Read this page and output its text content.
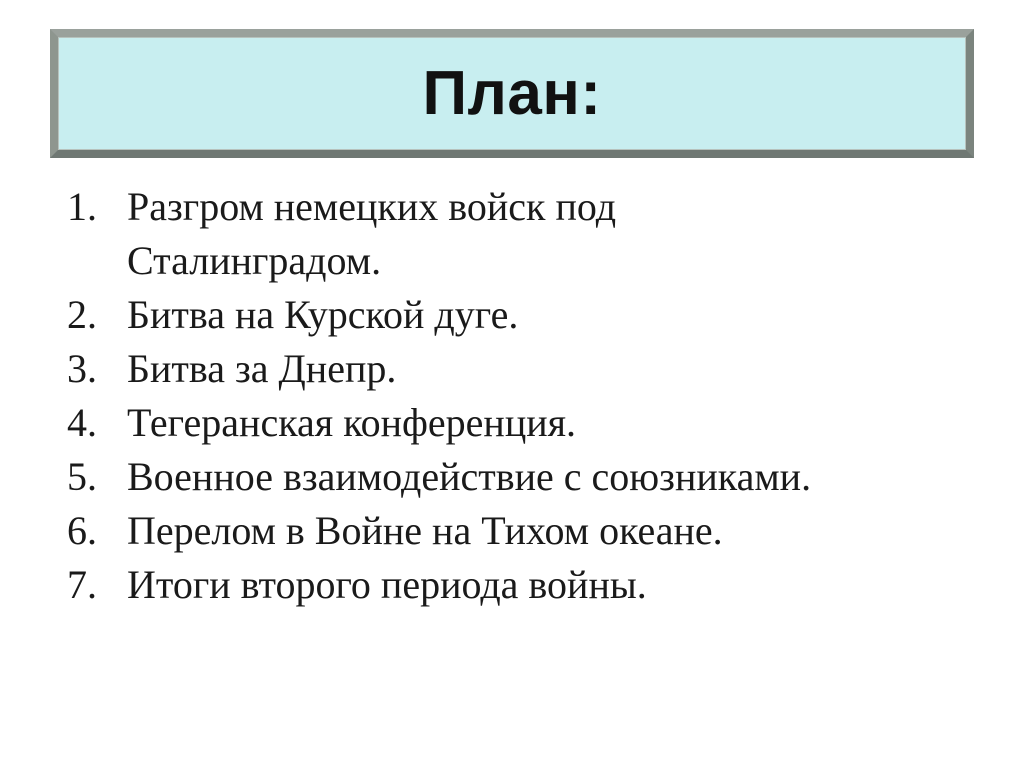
План:
1. Разгром немецких войск под Сталинградом.
2. Битва на Курской дуге.
3. Битва за Днепр.
4. Тегеранская конференция.
5. Военное взаимодействие с союзниками.
6. Перелом в Войне на Тихом океане.
7. Итоги второго периода войны.
